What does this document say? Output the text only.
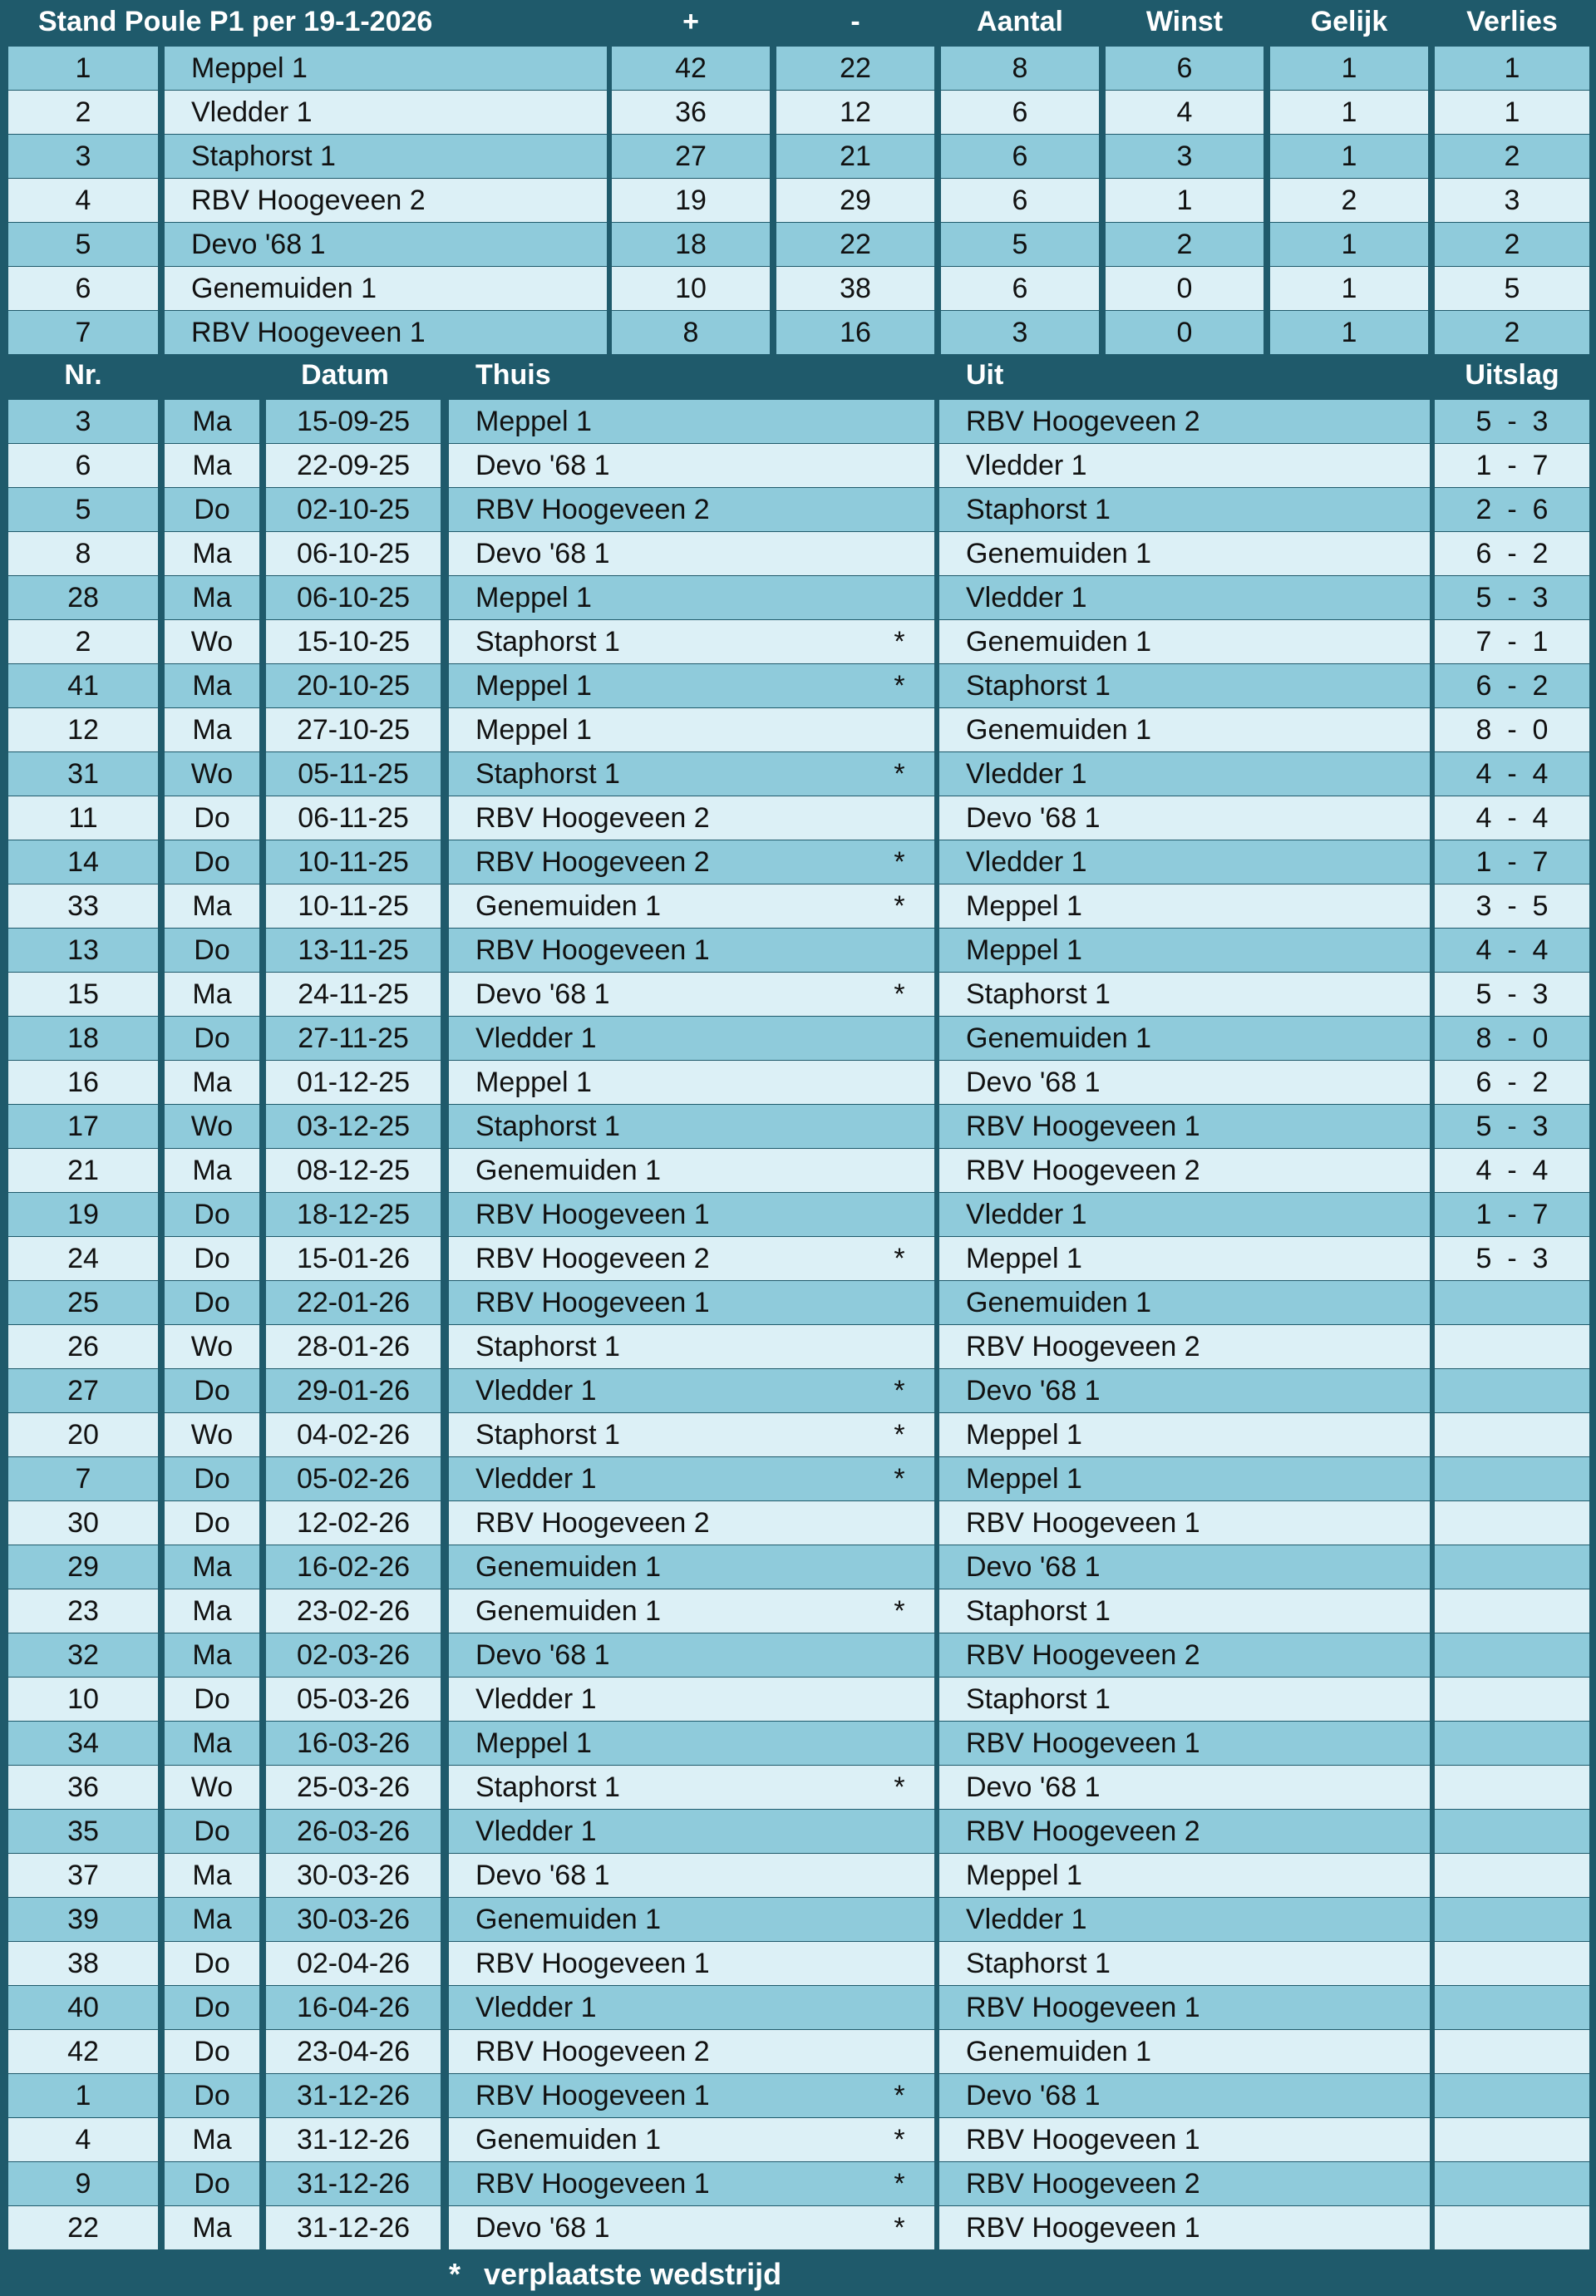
Stand Poule P1 per 19-1-2026	+	-	Aantal	Winst	Gelijk	Verlies
1	Meppel 1	42	22	8	6	1	1
2	Vledder 1	36	12	6	4	1	1
3	Staphorst 1	27	21	6	3	1	2
4	RBV Hoogeveen 2	19	29	6	1	2	3
5	Devo '68 1	18	22	5	2	1	2
6	Genemuiden 1	10	38	6	0	1	5
7	RBV Hoogeveen 1	8	16	3	0	1	2
Nr.	Datum	Thuis	Uit	Uitslag
3	Ma	15-09-25	Meppel 1	RBV Hoogeveen 2	5 - 3
6	Ma	22-09-25	Devo '68 1	Vledder 1	1 - 7
5	Do	02-10-25	RBV Hoogeveen 2	Staphorst 1	2 - 6
8	Ma	06-10-25	Devo '68 1	Genemuiden 1	6 - 2
28	Ma	06-10-25	Meppel 1	Vledder 1	5 - 3
2	Wo	15-10-25	Staphorst 1	*	Genemuiden 1	7 - 1
41	Ma	20-10-25	Meppel 1	*	Staphorst 1	6 - 2
12	Ma	27-10-25	Meppel 1	Genemuiden 1	8 - 0
31	Wo	05-11-25	Staphorst 1	*	Vledder 1	4 - 4
11	Do	06-11-25	RBV Hoogeveen 2	Devo '68 1	4 - 4
14	Do	10-11-25	RBV Hoogeveen 2	*	Vledder 1	1 - 7
33	Ma	10-11-25	Genemuiden 1	*	Meppel 1	3 - 5
13	Do	13-11-25	RBV Hoogeveen 1	Meppel 1	4 - 4
15	Ma	24-11-25	Devo '68 1	*	Staphorst 1	5 - 3
18	Do	27-11-25	Vledder 1	Genemuiden 1	8 - 0
16	Ma	01-12-25	Meppel 1	Devo '68 1	6 - 2
17	Wo	03-12-25	Staphorst 1	RBV Hoogeveen 1	5 - 3
21	Ma	08-12-25	Genemuiden 1	RBV Hoogeveen 2	4 - 4
19	Do	18-12-25	RBV Hoogeveen 1	Vledder 1	1 - 7
24	Do	15-01-26	RBV Hoogeveen 2	*	Meppel 1	5 - 3
25	Do	22-01-26	RBV Hoogeveen 1	Genemuiden 1
26	Wo	28-01-26	Staphorst 1	RBV Hoogeveen 2
27	Do	29-01-26	Vledder 1	*	Devo '68 1
20	Wo	04-02-26	Staphorst 1	*	Meppel 1
7	Do	05-02-26	Vledder 1	*	Meppel 1
30	Do	12-02-26	RBV Hoogeveen 2	RBV Hoogeveen 1
29	Ma	16-02-26	Genemuiden 1	Devo '68 1
23	Ma	23-02-26	Genemuiden 1	*	Staphorst 1
32	Ma	02-03-26	Devo '68 1	RBV Hoogeveen 2
10	Do	05-03-26	Vledder 1	Staphorst 1
34	Ma	16-03-26	Meppel 1	RBV Hoogeveen 1
36	Wo	25-03-26	Staphorst 1	*	Devo '68 1
35	Do	26-03-26	Vledder 1	RBV Hoogeveen 2
37	Ma	30-03-26	Devo '68 1	Meppel 1
39	Ma	30-03-26	Genemuiden 1	Vledder 1
38	Do	02-04-26	RBV Hoogeveen 1	Staphorst 1
40	Do	16-04-26	Vledder 1	RBV Hoogeveen 1
42	Do	23-04-26	RBV Hoogeveen 2	Genemuiden 1
1	Do	31-12-26	RBV Hoogeveen 1	*	Devo '68 1
4	Ma	31-12-26	Genemuiden 1	*	RBV Hoogeveen 1
9	Do	31-12-26	RBV Hoogeveen 1	*	RBV Hoogeveen 2
22	Ma	31-12-26	Devo '68 1	*	RBV Hoogeveen 1
* verplaatste wedstrijd
